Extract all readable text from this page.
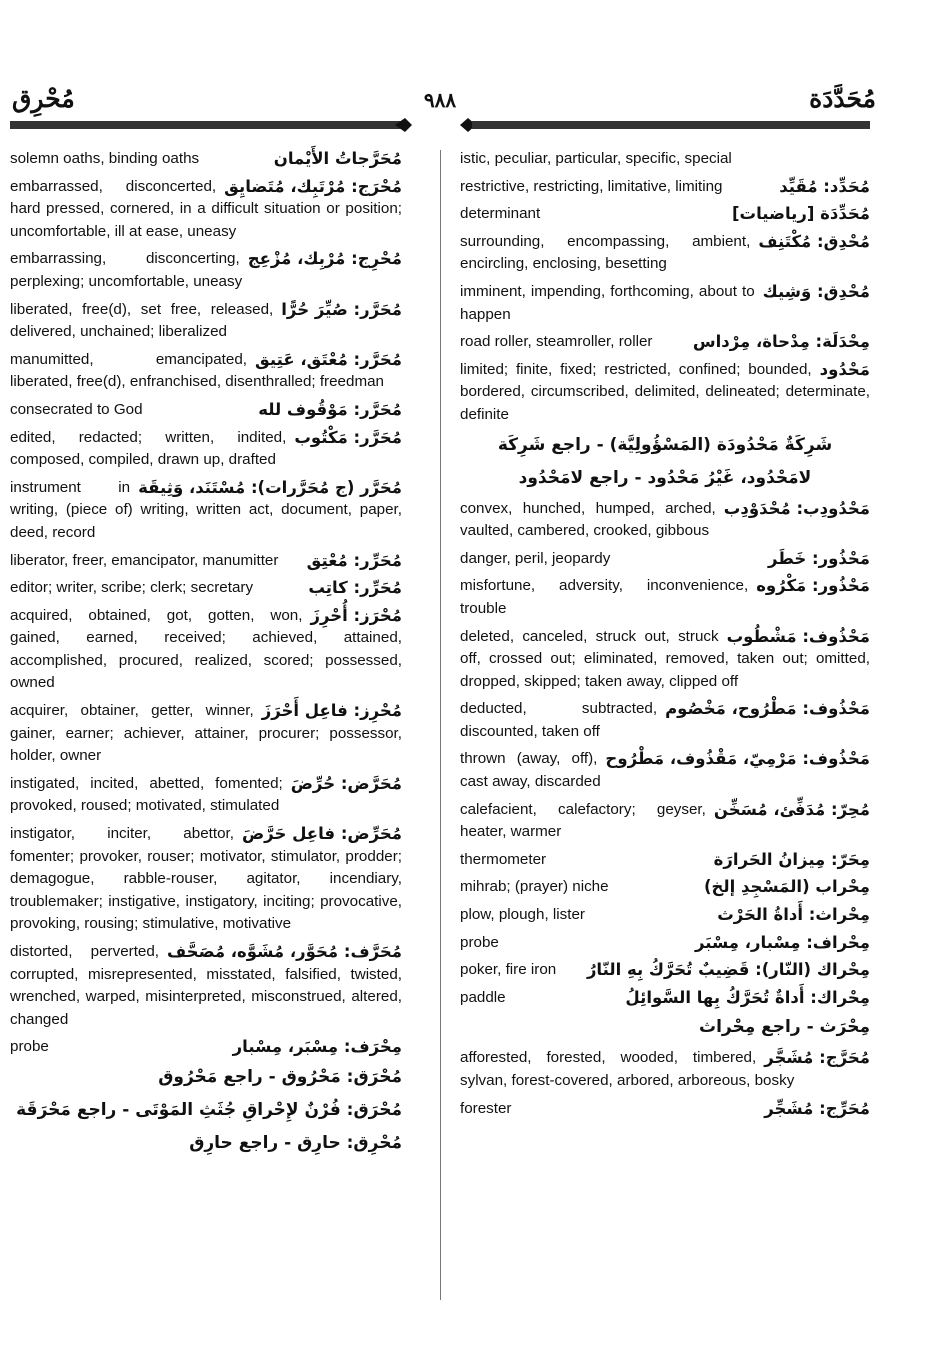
مُحْرِق	٩٨٨	مُحَدَّدَة
مُحَرَّجاتُ الأَيْمان
solemn oaths, binding oaths
مُحْرَج: مُرْتَبِك، مُتَضايِق
embarrassed, disconcerted, hard pressed, cornered, in a difficult situation or position; uncomfortable, ill at ease, uneasy
مُحْرِج: مُرْبِك، مُزْعِج
embarrassing, disconcerting, perplexing; uncomfortable, uneasy
مُحَرَّر: صُيِّرَ حُرًّا
liberated, free(d), set free, released, delivered, unchained; liberalized
مُحَرَّر: مُعْتَق، عَتِيق
manumitted, emancipated, liberated, free(d), enfranchised, disenthralled; freedman
مُحَرَّر: مَوْقُوف لله
consecrated to God
مُحَرَّر: مَكْتُوب
edited, redacted; written, indited, composed, compiled, drawn up, drafted
مُحَرَّر (ج مُحَرَّرات): مُسْتَنَد، وَثِيقَة
instrument in writing, (piece of) writing, written act, document, paper, deed, record
مُحَرِّر: مُعْتِق
liberator, freer, emancipator, manumitter
مُحَرِّر: كاتِب
editor; writer, scribe; clerk; secretary
مُحْرَز: أُحْرِزَ
acquired, obtained, got, gotten, won, gained, earned, received; achieved, attained, accomplished, procured, realized, scored; possessed, owned
مُحْرِز: فاعِل أَحْرَزَ
acquirer, obtainer, getter, winner, gainer, earner; achiever, attainer, procurer; possessor, holder, owner
مُحَرَّض: حُرِّضَ
instigated, incited, abetted, fomented; provoked, roused; motivated, stimulated
مُحَرِّض: فاعِل حَرَّضَ
instigator, inciter, abettor, fomenter; provoker, rouser; motivator, stimulator, prodder; demagogue, rabble-rouser, agitator, incendiary, troublemaker; instigative, instigatory, inciting; provocative, provoking, rousing; stimulative, motivative
مُحَرَّف: مُحَوَّر، مُشَوَّه، مُصَحَّف
distorted, perverted, corrupted, misrepresented, misstated, falsified, twisted, wrenched, warped, misinterpreted, misconstrued, altered, changed
مِحْرَف: مِسْبَر، مِسْبار
probe
مُحْرَق: مَحْرُوق - راجع مَحْرُوق
مُحْرَق: فُرْنٌ لإِحْراقِ جُثَثِ المَوْتَى - راجع مَحْرَقَة
مُحْرِق: حارِق - راجع حارِق
istic, peculiar, particular, specific, special
مُحَدِّد: مُقَيِّد
restrictive, restricting, limitative, limiting
مُحَدِّدَة [رياضيات]
determinant
مُحْدِق: مُكْتَنِف
surrounding, encompassing, ambient, encircling, enclosing, besetting
مُحْدِق: وَشِيك
imminent, impending, forthcoming, about to happen
مِحْدَلَة: مِدْحاة، مِرْداس
road roller, steamroller, roller
مَحْدُود
limited; finite, fixed; restricted, confined; bounded, bordered, circumscribed, delimited, delineated; determinate, definite
شَرِكَةٌ مَحْدُودَة (المَسْؤُولِيَّة) - راجع شَرِكَة
لامَحْدُود، غَيْرُ مَحْدُود - راجع لامَحْدُود
مَحْدُودِب: مُحْدَوْدِب
convex, hunched, humped, arched, vaulted, cambered, crooked, gibbous
مَحْذُور: خَطَر
danger, peril, jeopardy
مَحْذُور: مَكْرُوه
misfortune, adversity, inconvenience, trouble
مَحْذُوف: مَشْطُوب
deleted, canceled, struck out, struck off, crossed out; eliminated, removed, taken out; omitted, dropped, skipped; taken away, clipped off
مَحْذُوف: مَطْرُوح، مَخْصُوم
deducted, subtracted, discounted, taken off
مَحْذُوف: مَرْمِيّ، مَقْذُوف، مَطْرُوح
thrown (away, off), cast away, discarded
مُحِرّ: مُدَفِّئ، مُسَخِّن
calefacient, calefactory; geyser, heater, warmer
مِحَرّ: مِيزانُ الحَرارَة
thermometer
مِحْراب (المَسْجِدِ إلخ)
mihrab; (prayer) niche
مِحْراث: أَداةُ الحَرْث
plow, plough, lister
مِحْراف: مِسْبار، مِسْبَر
probe
مِحْراك (النّار): قَضِيبٌ تُحَرَّكُ بِهِ النّارُ
poker, fire iron
مِحْراك: أَداةٌ تُحَرَّكُ بِها السَّوائِلُ
paddle
مِحْرَث - راجع مِحْراث
مُحَرَّج: مُشَجَّر
afforested, forested, wooded, timbered, sylvan, forest-covered, arbored, arboreous, bosky
مُحَرِّج: مُشَجِّر
forester
